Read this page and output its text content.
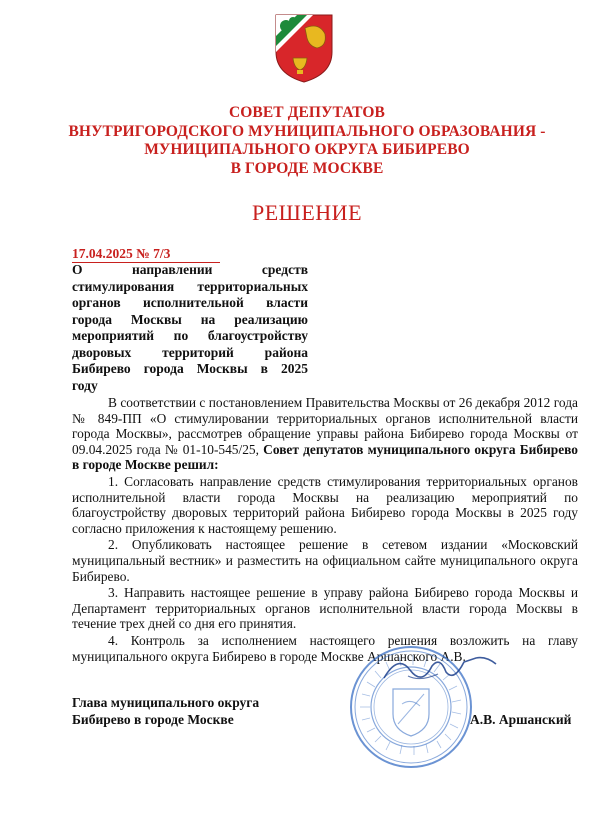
СОВЕТ ДЕПУТАТОВ
ВНУТРИГОРОДСКОГО МУНИЦИПАЛЬНОГО ОБРАЗОВАНИЯ -
МУНИЦИПАЛЬНОГО ОКРУГА БИБИРЕВО
В ГОРОДЕ МОСКВЕ
РЕШЕНИЕ
17.04.2025 № 7/3
О направлении средств
стимулирования территориальных
органов исполнительной власти
города Москвы на реализацию
мероприятий по благоустройству
дворовых территорий района
Бибирево города Москвы в 2025
году

В соответствии с постановлением Правительства Москвы от 26 декабря 2012 года № 849-ПП «О стимулировании территориальных органов исполнительной власти города Москвы», рассмотрев обращение управы района Бибирево города Москвы от 09.04.2025 года № 01-10-545/25, Совет депутатов муниципального округа Бибирево в городе Москве решил:

1. Согласовать направление средств стимулирования территориальных органов исполнительной власти города Москвы на реализацию мероприятий по благоустройству дворовых территорий района Бибирево города Москвы в 2025 году согласно приложения к настоящему решению.

2. Опубликовать настоящее решение в сетевом издании «Московский муниципальный вестник» и разместить на официальном сайте муниципального округа Бибирево.

3. Направить настоящее решение в управу района Бибирево города Москвы и Департамент территориальных органов исполнительной власти города Москвы в течение трех дней со дня его принятия.

4. Контроль за исполнением настоящего решения возложить на главу муниципального округа Бибирево в городе Москве Аршанского А.В.

Глава муниципального округа
Бибирево в городе Москве	А.В. Аршанский
